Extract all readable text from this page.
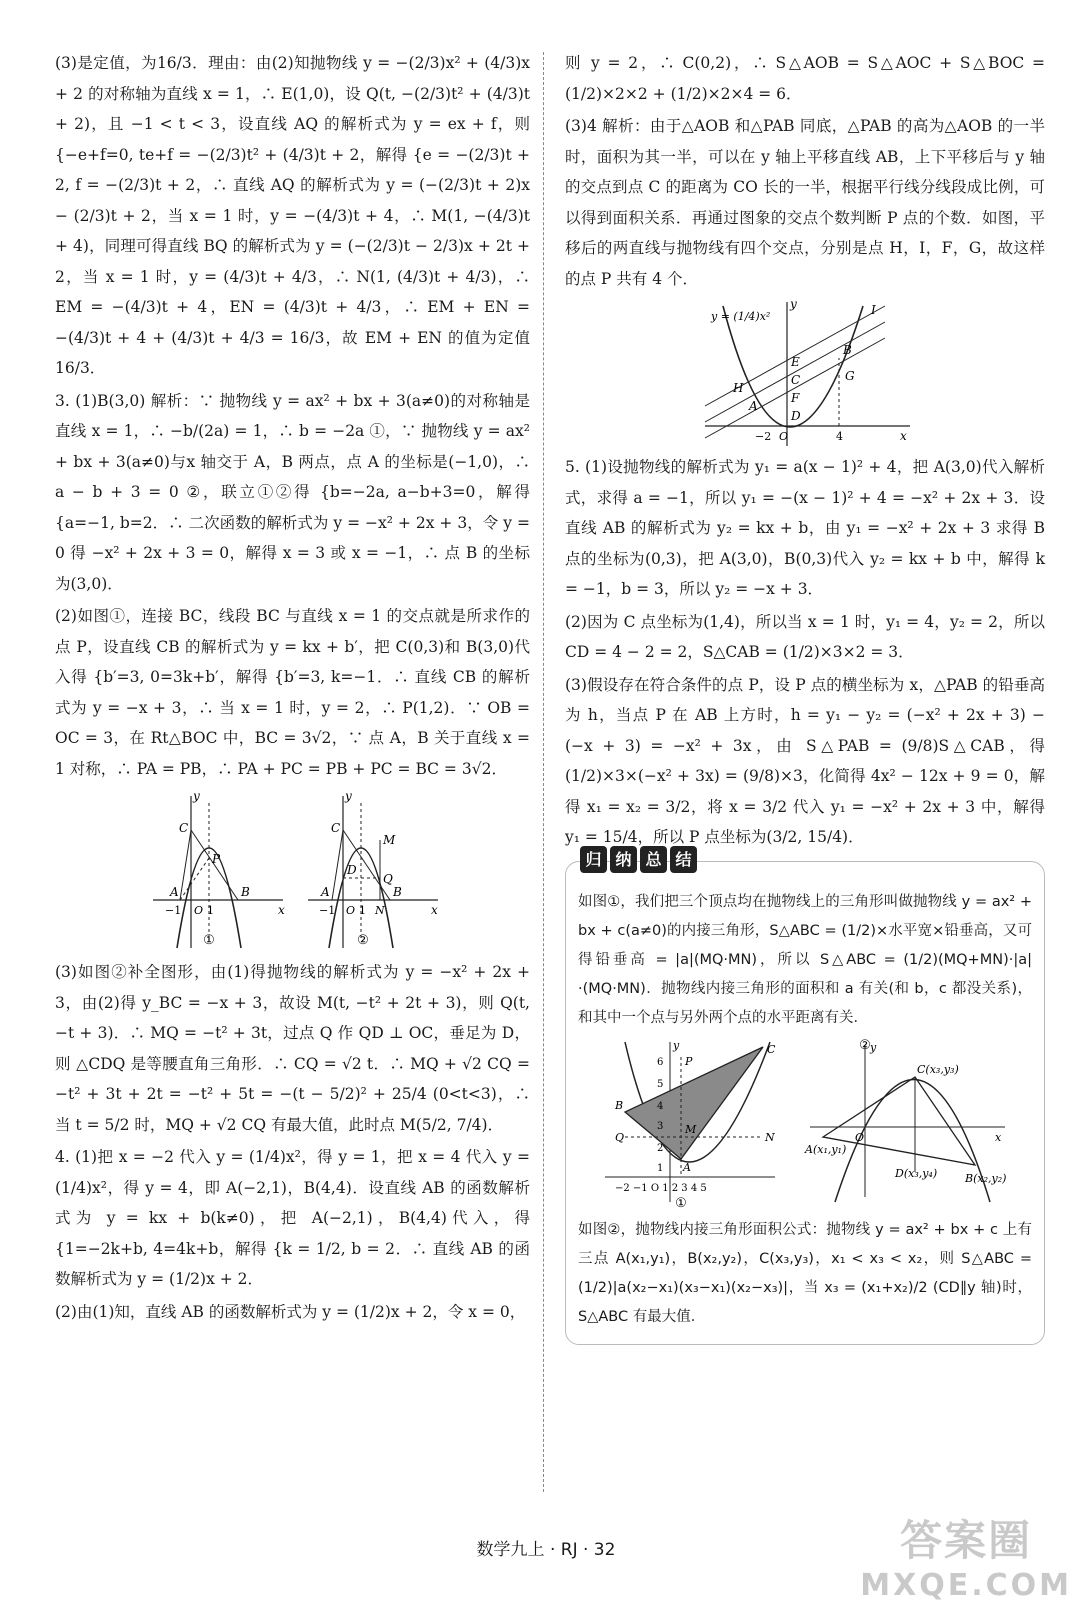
(3)是定值，为16/3．理由：由(2)知抛物线 y = −(2/3)x² + (4/3)x + 2 的对称轴为直线 x = 1，∴ E(1,0)，设 Q(t, −(2/3)t² + (4/3)t + 2)，且 −1 < t < 3，设直线 AQ 的解析式为 y = ex + f，则 {−e+f=0, te+f = −(2/3)t² + (4/3)t + 2，解得 {e = −(2/3)t + 2, f = −(2/3)t + 2，∴ 直线 AQ 的解析式为 y = (−(2/3)t + 2)x − (2/3)t + 2，当 x = 1 时，y = −(4/3)t + 4，∴ M(1, −(4/3)t + 4)，同理可得直线 BQ 的解析式为 y = (−(2/3)t − 2/3)x + 2t + 2，当 x = 1 时，y = (4/3)t + 4/3，∴ N(1, (4/3)t + 4/3)，∴ EM = −(4/3)t + 4，EN = (4/3)t + 4/3，∴ EM + EN = −(4/3)t + 4 + (4/3)t + 4/3 = 16/3，故 EM + EN 的值为定值16/3．

3. (1)B(3,0) 解析：∵ 抛物线 y = ax² + bx + 3(a≠0)的对称轴是直线 x = 1，∴ −b/(2a) = 1，∴ b = −2a ①，∵ 抛物线 y = ax² + bx + 3(a≠0)与x 轴交于 A，B 两点，点 A 的坐标是(−1,0)，∴ a − b + 3 = 0 ②，联立①②得 {b=−2a, a−b+3=0，解得 {a=−1, b=2．∴ 二次函数的解析式为 y = −x² + 2x + 3，令 y = 0 得 −x² + 2x + 3 = 0，解得 x = 3 或 x = −1，∴ 点 B 的坐标为(3,0)．

(2)如图①，连接 BC，线段 BC 与直线 x = 1 的交点就是所求作的点 P，设直线 CB 的解析式为 y = kx + b′，把 C(0,3)和 B(3,0)代入得 {b′=3, 0=3k+b′，解得 {b′=3, k=−1．∴ 直线 CB 的解析式为 y = −x + 3，∴ 当 x = 1 时，y = 2，∴ P(1,2)．∵ OB = OC = 3，在 Rt△BOC 中，BC = 3√2，∵ 点 A，B 关于直线 x = 1 对称，∴ PA = PB，∴ PA + PC = PB + PC = BC = 3√2．

y
x
C
P
A	B
−1 O 1
①
y
x
C
M
D
Q
A	B
N
−1 O 1
②

(3)如图②补全图形，由(1)得抛物线的解析式为 y = −x² + 2x + 3，由(2)得 y_BC = −x + 3，故设 M(t, −t² + 2t + 3)，则 Q(t, −t + 3)．∴ MQ = −t² + 3t，过点 Q 作 QD ⊥ OC，垂足为 D，则 △CDQ 是等腰直角三角形．∴ CQ = √2 t．∴ MQ + √2 CQ = −t² + 3t + 2t = −t² + 5t = −(t − 5/2)² + 25/4 (0<t<3)，∴ 当 t = 5/2 时，MQ + √2 CQ 有最大值，此时点 M(5/2, 7/4)．

4. (1)把 x = −2 代入 y = (1/4)x²，得 y = 1，把 x = 4 代入 y = (1/4)x²，得 y = 4，即 A(−2,1)，B(4,4)．设直线 AB 的函数解析式为 y = kx + b(k≠0)，把 A(−2,1)，B(4,4)代入，得 {1=−2k+b, 4=4k+b，解得 {k = 1/2, b = 2．∴ 直线 AB 的函数解析式为 y = (1/2)x + 2．

(2)由(1)知，直线 AB 的函数解析式为 y = (1/2)x + 2，令 x = 0，

则 y = 2，∴ C(0,2)，∴ S△AOB = S△AOC + S△BOC = (1/2)×2×2 + (1/2)×2×4 = 6．

(3)4 解析：由于△AOB 和△PAB 同底，△PAB 的高为△AOB 的一半时，面积为其一半，可以在 y 轴上平移直线 AB，上下平移后与 y 轴的交点到点 C 的距离为 CO 长的一半，根据平行线分线段成比例，可以得到面积关系．再通过图象的交点个数判断 P 点的个数．如图，平移后的两直线与抛物线有四个交点，分别是点 H，I，F，G，故这样的点 P 共有 4 个．

y
x
y = (1/4)x²	I
B
G
E
C
F
D
H
A
−2 O	4

5. (1)设抛物线的解析式为 y₁ = a(x − 1)² + 4，把 A(3,0)代入解析式，求得 a = −1，所以 y₁ = −(x − 1)² + 4 = −x² + 2x + 3．设直线 AB 的解析式为 y₂ = kx + b，由 y₁ = −x² + 2x + 3 求得 B 点的坐标为(0,3)，把 A(3,0)，B(0,3)代入 y₂ = kx + b 中，解得 k = −1，b = 3，所以 y₂ = −x + 3．

(2)因为 C 点坐标为(1,4)，所以当 x = 1 时，y₁ = 4，y₂ = 2，所以 CD = 4 − 2 = 2，S△CAB = (1/2)×3×2 = 3．

(3)假设存在符合条件的点 P，设 P 点的横坐标为 x，△PAB 的铅垂高为 h，当点 P 在 AB 上方时，h = y₁ − y₂ = (−x² + 2x + 3) − (−x + 3) = −x² + 3x，由 S△PAB = (9/8)S△CAB，得 (1/2)×3×(−x² + 3x) = (9/8)×3，化简得 4x² − 12x + 9 = 0，解得 x₁ = x₂ = 3/2，将 x = 3/2 代入 y₁ = −x² + 2x + 3 中，解得 y₁ = 15/4，所以 P 点坐标为(3/2, 15/4)．

归 纳 总 结
如图①，我们把三个顶点均在抛物线上的三角形叫做抛物线 y = ax² + bx + c(a≠0)的内接三角形，S△ABC = (1/2)×水平宽×铅垂高，又可得铅垂高 = |a|(MQ·MN)，所以 S△ABC = (1/2)(MQ+MN)·|a|·(MQ·MN)．抛物线内接三角形的面积和 a 有关(和 b，c 都没关系)，和其中一个点与另外两个点的水平距离有关．
y	C
P
B
M
Q	N
A
6
5
4
3
2
1
−2 −1 O 1 2 3 4 5
①
y
②
x
O
C(x₃,y₃)
A(x₁,y₁)
D(x₃,y₄)	B(x₂,y₂)
如图②，抛物线内接三角形面积公式：抛物线 y = ax² + bx + c 上有三点 A(x₁,y₁)，B(x₂,y₂)，C(x₃,y₃)，x₁ < x₃ < x₂，则 S△ABC = (1/2)|a(x₂−x₁)(x₃−x₁)(x₂−x₃)|，当 x₃ = (x₁+x₂)/2 (CD∥y 轴)时，S△ABC 有最大值．
数学九上 · RJ · 32	答案圈
MXQE.COM
